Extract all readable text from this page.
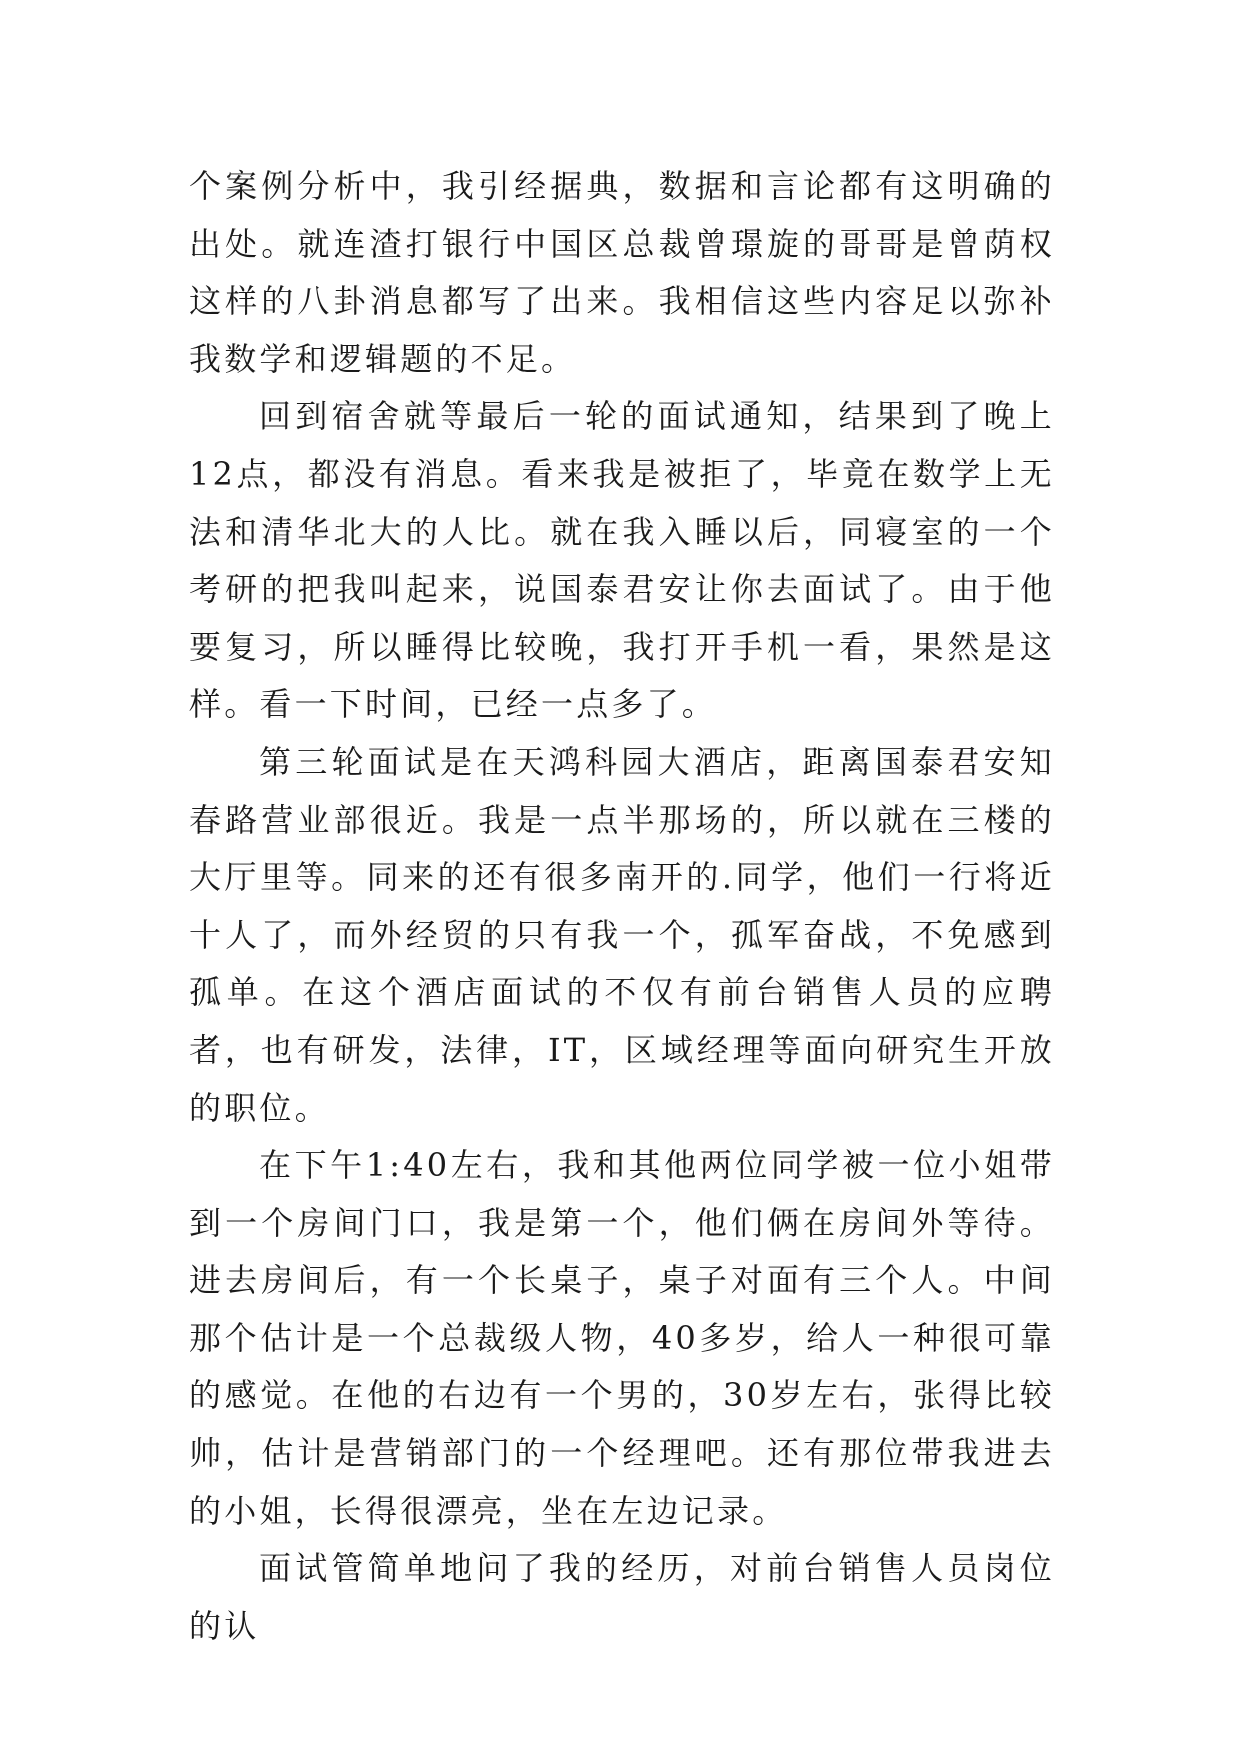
个案例分析中，我引经据典，数据和言论都有这明确的出处。就连渣打银行中国区总裁曾璟旋的哥哥是曾荫权这样的八卦消息都写了出来。我相信这些内容足以弥补我数学和逻辑题的不足。

回到宿舍就等最后一轮的面试通知，结果到了晚上12点，都没有消息。看来我是被拒了，毕竟在数学上无法和清华北大的人比。就在我入睡以后，同寝室的一个考研的把我叫起来，说国泰君安让你去面试了。由于他要复习，所以睡得比较晚，我打开手机一看，果然是这样。看一下时间，已经一点多了。

第三轮面试是在天鸿科园大酒店，距离国泰君安知春路营业部很近。我是一点半那场的，所以就在三楼的大厅里等。同来的还有很多南开的.同学，他们一行将近十人了，而外经贸的只有我一个，孤军奋战，不免感到孤单。在这个酒店面试的不仅有前台销售人员的应聘者，也有研发，法律，IT，区域经理等面向研究生开放的职位。

在下午1:40左右，我和其他两位同学被一位小姐带到一个房间门口，我是第一个，他们俩在房间外等待。进去房间后，有一个长桌子，桌子对面有三个人。中间那个估计是一个总裁级人物，40多岁，给人一种很可靠的感觉。在他的右边有一个男的，30岁左右，张得比较帅，估计是营销部门的一个经理吧。还有那位带我进去的小姐，长得很漂亮，坐在左边记录。

面试管简单地问了我的经历，对前台销售人员岗位的认
